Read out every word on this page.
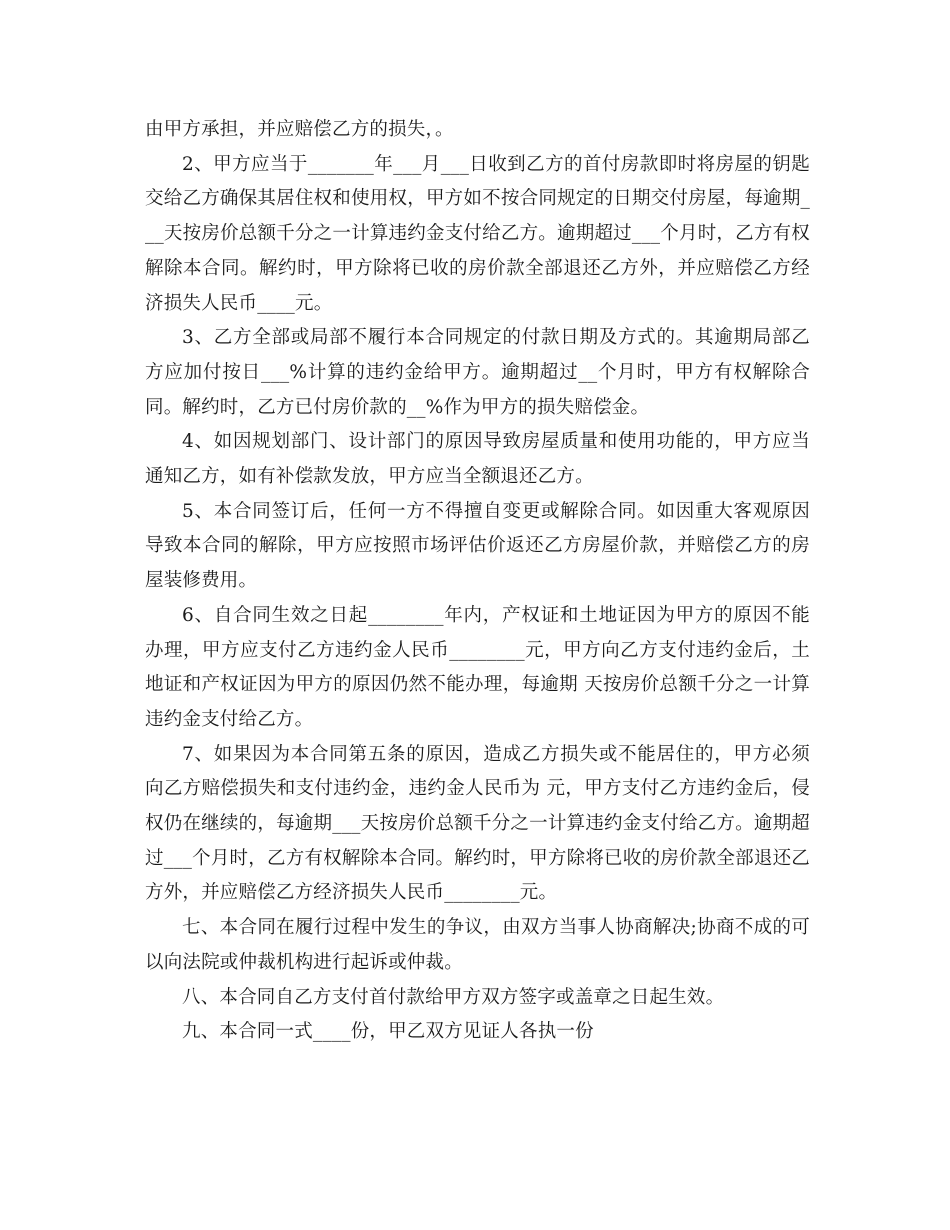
由甲方承担，并应赔偿乙方的损失，。

2、甲方应当于_______年___月___日收到乙方的首付房款即时将房屋的钥匙交给乙方确保其居住权和使用权，甲方如不按合同规定的日期交付房屋，每逾期___天按房价总额千分之一计算违约金支付给乙方。逾期超过___个月时，乙方有权解除本合同。解约时，甲方除将已收的房价款全部退还乙方外，并应赔偿乙方经济损失人民币____元。

3、乙方全部或局部不履行本合同规定的付款日期及方式的。其逾期局部乙方应加付按日___%计算的违约金给甲方。逾期超过__个月时，甲方有权解除合同。解约时，乙方已付房价款的__%作为甲方的损失赔偿金。

4、如因规划部门、设计部门的原因导致房屋质量和使用功能的，甲方应当通知乙方，如有补偿款发放，甲方应当全额退还乙方。

5、本合同签订后，任何一方不得擅自变更或解除合同。如因重大客观原因导致本合同的解除，甲方应按照市场评估价返还乙方房屋价款，并赔偿乙方的房屋装修费用。

6、自合同生效之日起________年内，产权证和土地证因为甲方的原因不能办理，甲方应支付乙方违约金人民币________元，甲方向乙方支付违约金后，土地证和产权证因为甲方的原因仍然不能办理，每逾期 天按房价总额千分之一计算违约金支付给乙方。

7、如果因为本合同第五条的原因，造成乙方损失或不能居住的，甲方必须向乙方赔偿损失和支付违约金，违约金人民币为 元，甲方支付乙方违约金后，侵权仍在继续的，每逾期___天按房价总额千分之一计算违约金支付给乙方。逾期超过___个月时，乙方有权解除本合同。解约时，甲方除将已收的房价款全部退还乙方外，并应赔偿乙方经济损失人民币________元。

七、本合同在履行过程中发生的争议，由双方当事人协商解决;协商不成的可以向法院或仲裁机构进行起诉或仲裁。

八、本合同自乙方支付首付款给甲方双方签字或盖章之日起生效。

九、本合同一式____份，甲乙双方见证人各执一份
